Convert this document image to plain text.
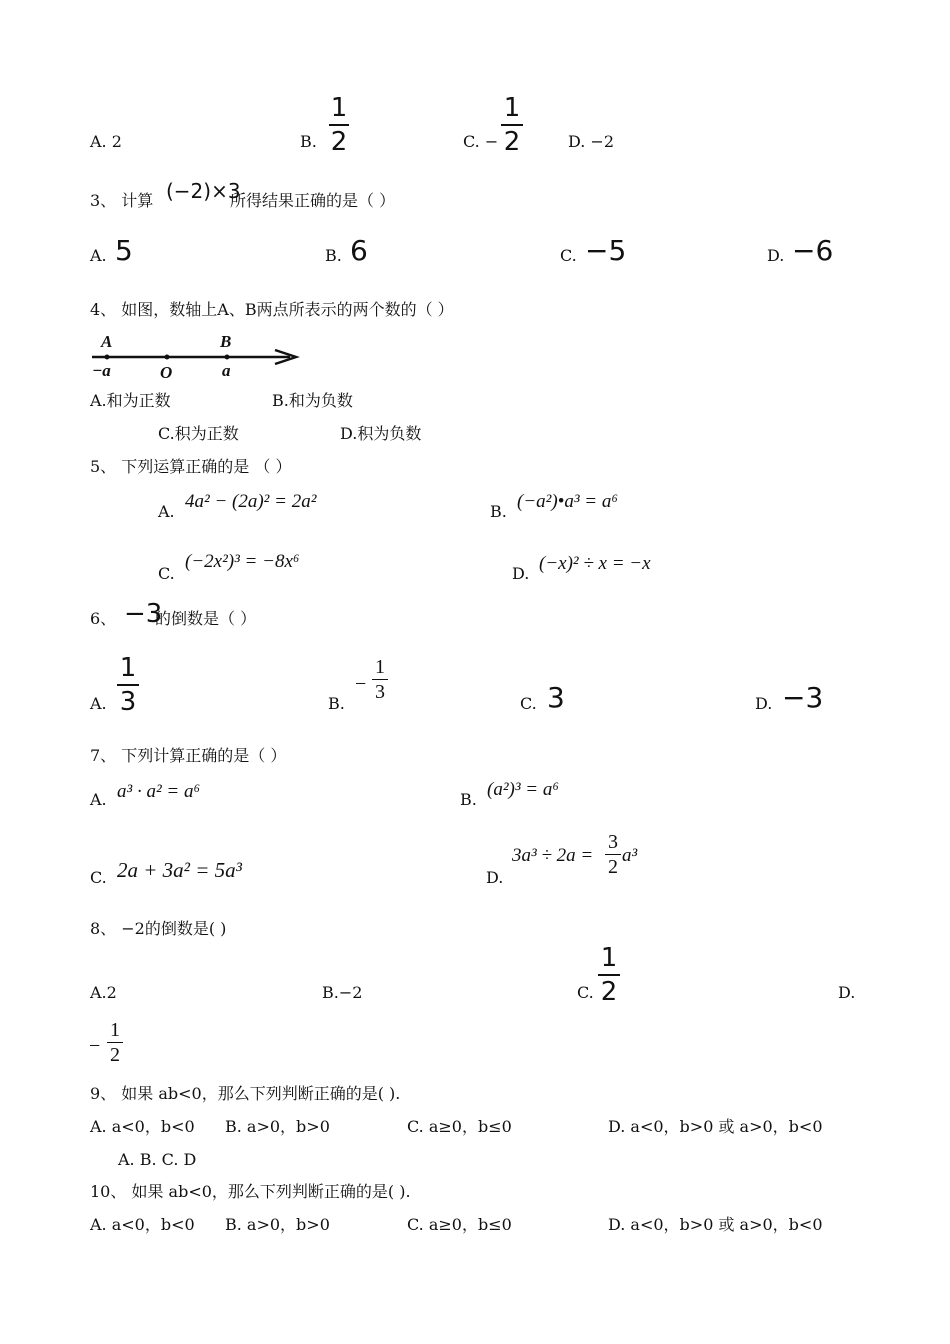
A. 2	B.
1
2	C. −
1
2	D. −2
3、 计算 (−2)×3
所得结果正确的是（ ）
A. 5	B. 6	C. −5	D. −6
4、 如图，数轴上A、B两点所表示的两个数的（ ）
A	B
−a	O	a
A.和为正数	B.和为负数
C.积为正数	D.积为负数
5、 下列运算正确的是 （ ）
A. 4a² − (2a)² = 2a²	B. (−a²)•a³ = a⁶
C.
(−2x²)³ = −8x⁶
D. (−x)² ÷ x = −x
6、 −3
的倒数是（ ）
A.
1
3	B.
−
1
3
C. 3	D. −3
7、 下列计算正确的是（ ）
A. a³ · a² = a⁶	B. (a²)³ = a⁶
C. 2a + 3a² = 5a³	D.
3a³ ÷ 2a =
3
2
a³
8、 −2的倒数是( )
A.2	B.−2	C.
1
2	D.
−
1
2
9、 如果 ab<0，那么下列判断正确的是( ).
A. a<0，b<0 B. a>0，b>0	C. a≥0，b≤0	D. a<0，b>0 或 a>0，b<0
A. B. C. D
10、 如果 ab<0，那么下列判断正确的是( ).
A. a<0，b<0 B. a>0，b>0	C. a≥0，b≤0	D. a<0，b>0 或 a>0，b<0
